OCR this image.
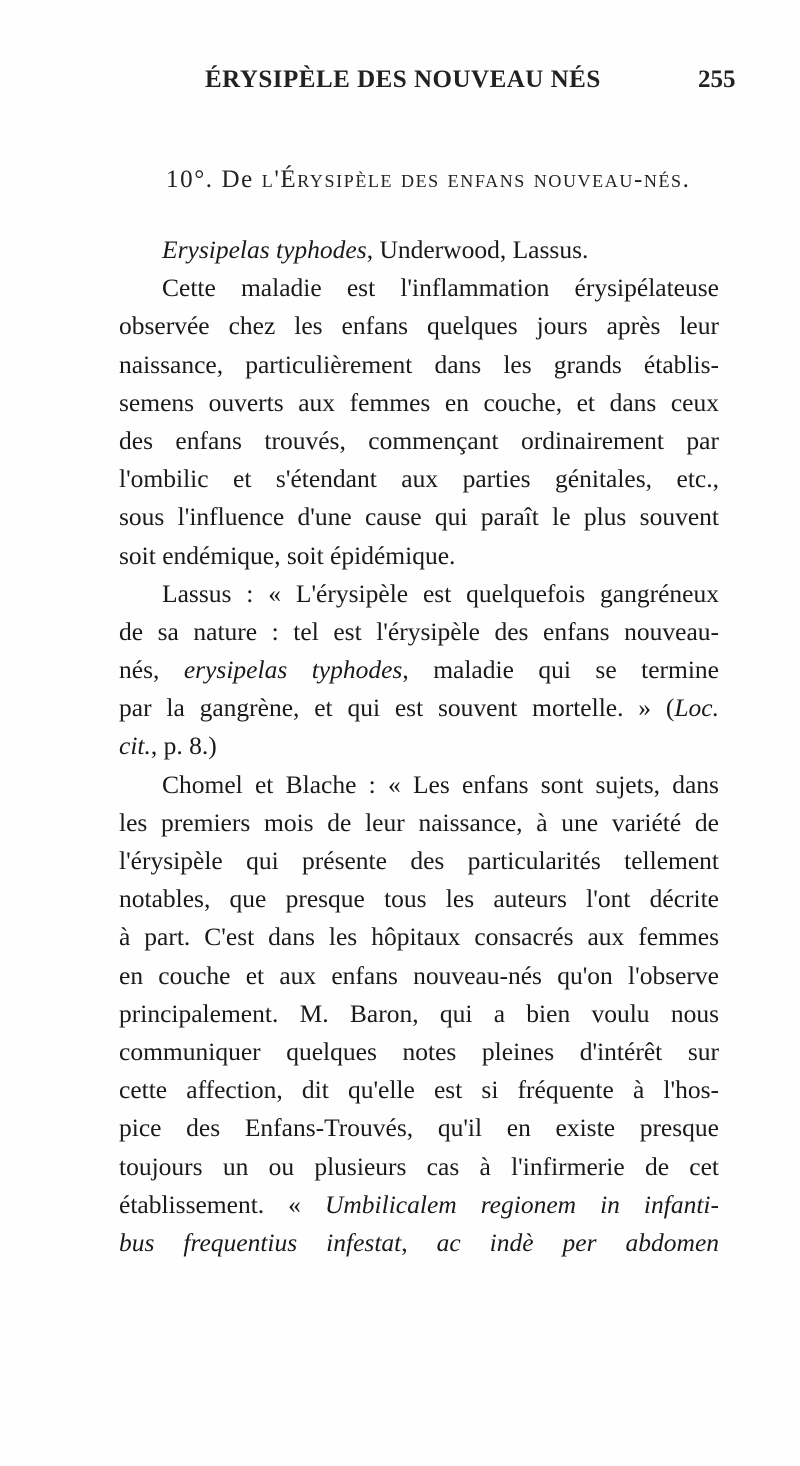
ÉRYSIPÈLE DES NOUVEAU NÉS	255
10°. De l'Érysipèle des enfans nouveau-nés.
Erysipelas typhodes, Underwood, Lassus.
Cette maladie est l'inflammation érysipélateuse
observée chez les enfans quelques jours après leur
naissance, particulièrement dans les grands établis-
semens ouverts aux femmes en couche, et dans ceux
des enfans trouvés, commençant ordinairement par
l'ombilic et s'étendant aux parties génitales, etc.,
sous l'influence d'une cause qui paraît le plus souvent
soit endémique, soit épidémique.
Lassus : « L'érysipèle est quelquefois gangréneux
de sa nature : tel est l'érysipèle des enfans nouveau-
nés, erysipelas typhodes, maladie qui se termine
par la gangrène, et qui est souvent mortelle. » (Loc.
cit., p. 8.)
Chomel et Blache : « Les enfans sont sujets, dans
les premiers mois de leur naissance, à une variété de
l'érysipèle qui présente des particularités tellement
notables, que presque tous les auteurs l'ont décrite
à part. C'est dans les hôpitaux consacrés aux femmes
en couche et aux enfans nouveau-nés qu'on l'observe
principalement. M. Baron, qui a bien voulu nous
communiquer quelques notes pleines d'intérêt sur
cette affection, dit qu'elle est si fréquente à l'hos-
pice des Enfans-Trouvés, qu'il en existe presque
toujours un ou plusieurs cas à l'infirmerie de cet
établissement. « Umbilicalem regionem in infanti-
bus frequentius infestat, ac indè per abdomen
